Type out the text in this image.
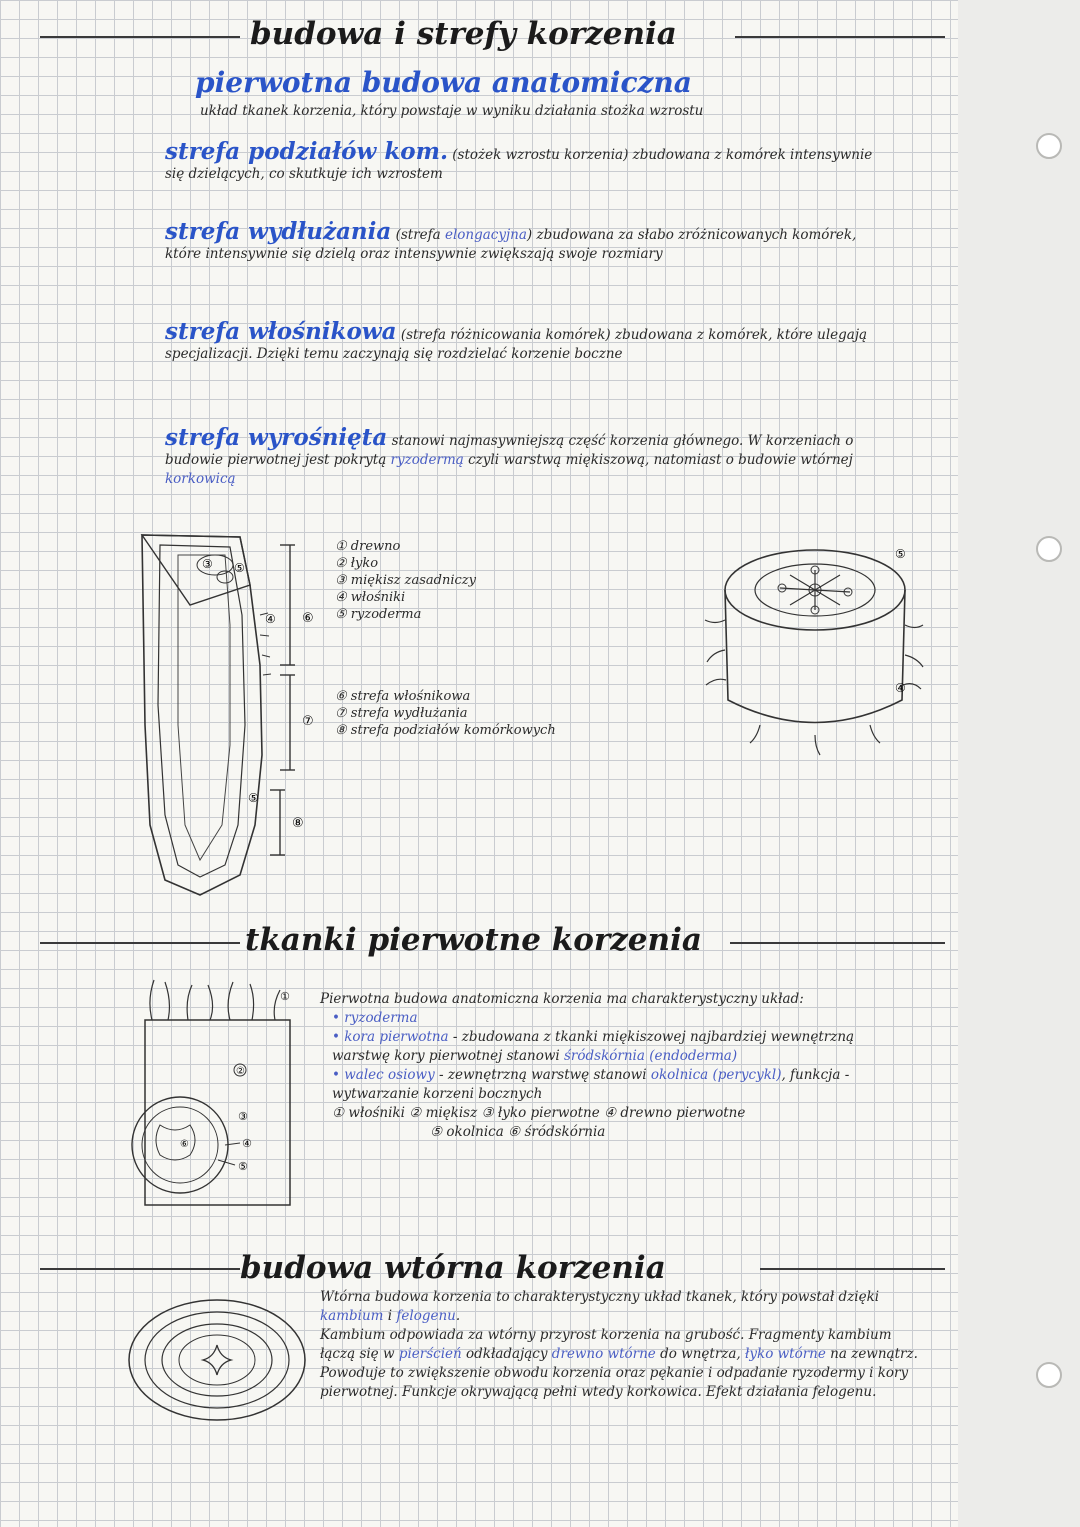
budowa i strefy korzenia
pierwotna budowa anatomiczna
układ tkanek korzenia, który powstaje w wyniku działania stożka wzrostu
strefa podziałów kom. (stożek wzrostu korzenia) zbudowana z komórek intensywnie się dzielących, co skutkuje ich wzrostem
strefa wydłużania (strefa elongacyjna) zbudowana za słabo zróżnicowanych komórek, które intensywnie się dzielą oraz intensywnie zwiększają swoje rozmiary
strefa włośnikowa (strefa różnicowania komórek) zbudowana z komórek, które ulegają specjalizacji. Dzięki temu zaczynają się rozdzielać korzenie boczne
strefa wyrośnięta stanowi najmasywniejszą część korzenia głównego. W korzeniach o budowie pierwotnej jest pokrytą ryzodermą czyli warstwą miękiszową, natomiast o budowie wtórnej korkowicą
③ ⑤
④ ⑥
⑦
⑧
⑤
① drewno
② łyko
③ miękisz zasadniczy
④ włośniki
⑤ ryzoderma
⑥ strefa włośnikowa
⑦ strefa wydłużania
⑧ strefa podziałów komórkowych
⑤
④
tkanki pierwotne korzenia
①
②
③
④
⑤
⑥
Pierwotna budowa anatomiczna korzenia ma charakterystyczny układ:
• ryzoderma
• kora pierwotna - zbudowana z tkanki miękiszowej najbardziej wewnętrzną warstwę kory pierwotnej stanowi śródskórnia (endoderma)
• walec osiowy - zewnętrzną warstwę stanowi okolnica (perycykl), funkcja - wytwarzanie korzeni bocznych
① włośniki ② miękisz ③ łyko pierwotne ④ drewno pierwotne
⑤ okolnica ⑥ śródskórnia
budowa wtórna korzenia
Wtórna budowa korzenia to charakterystyczny układ tkanek, który powstał dzięki kambium i felogenu.
Kambium odpowiada za wtórny przyrost korzenia na grubość. Fragmenty kambium łączą się w pierścień odkładający drewno wtórne do wnętrza, łyko wtórne na zewnątrz. Powoduje to zwiększenie obwodu korzenia oraz pękanie i odpadanie ryzodermy i kory pierwotnej. Funkcje okrywającą pełni wtedy korkowica. Efekt działania felogenu.
